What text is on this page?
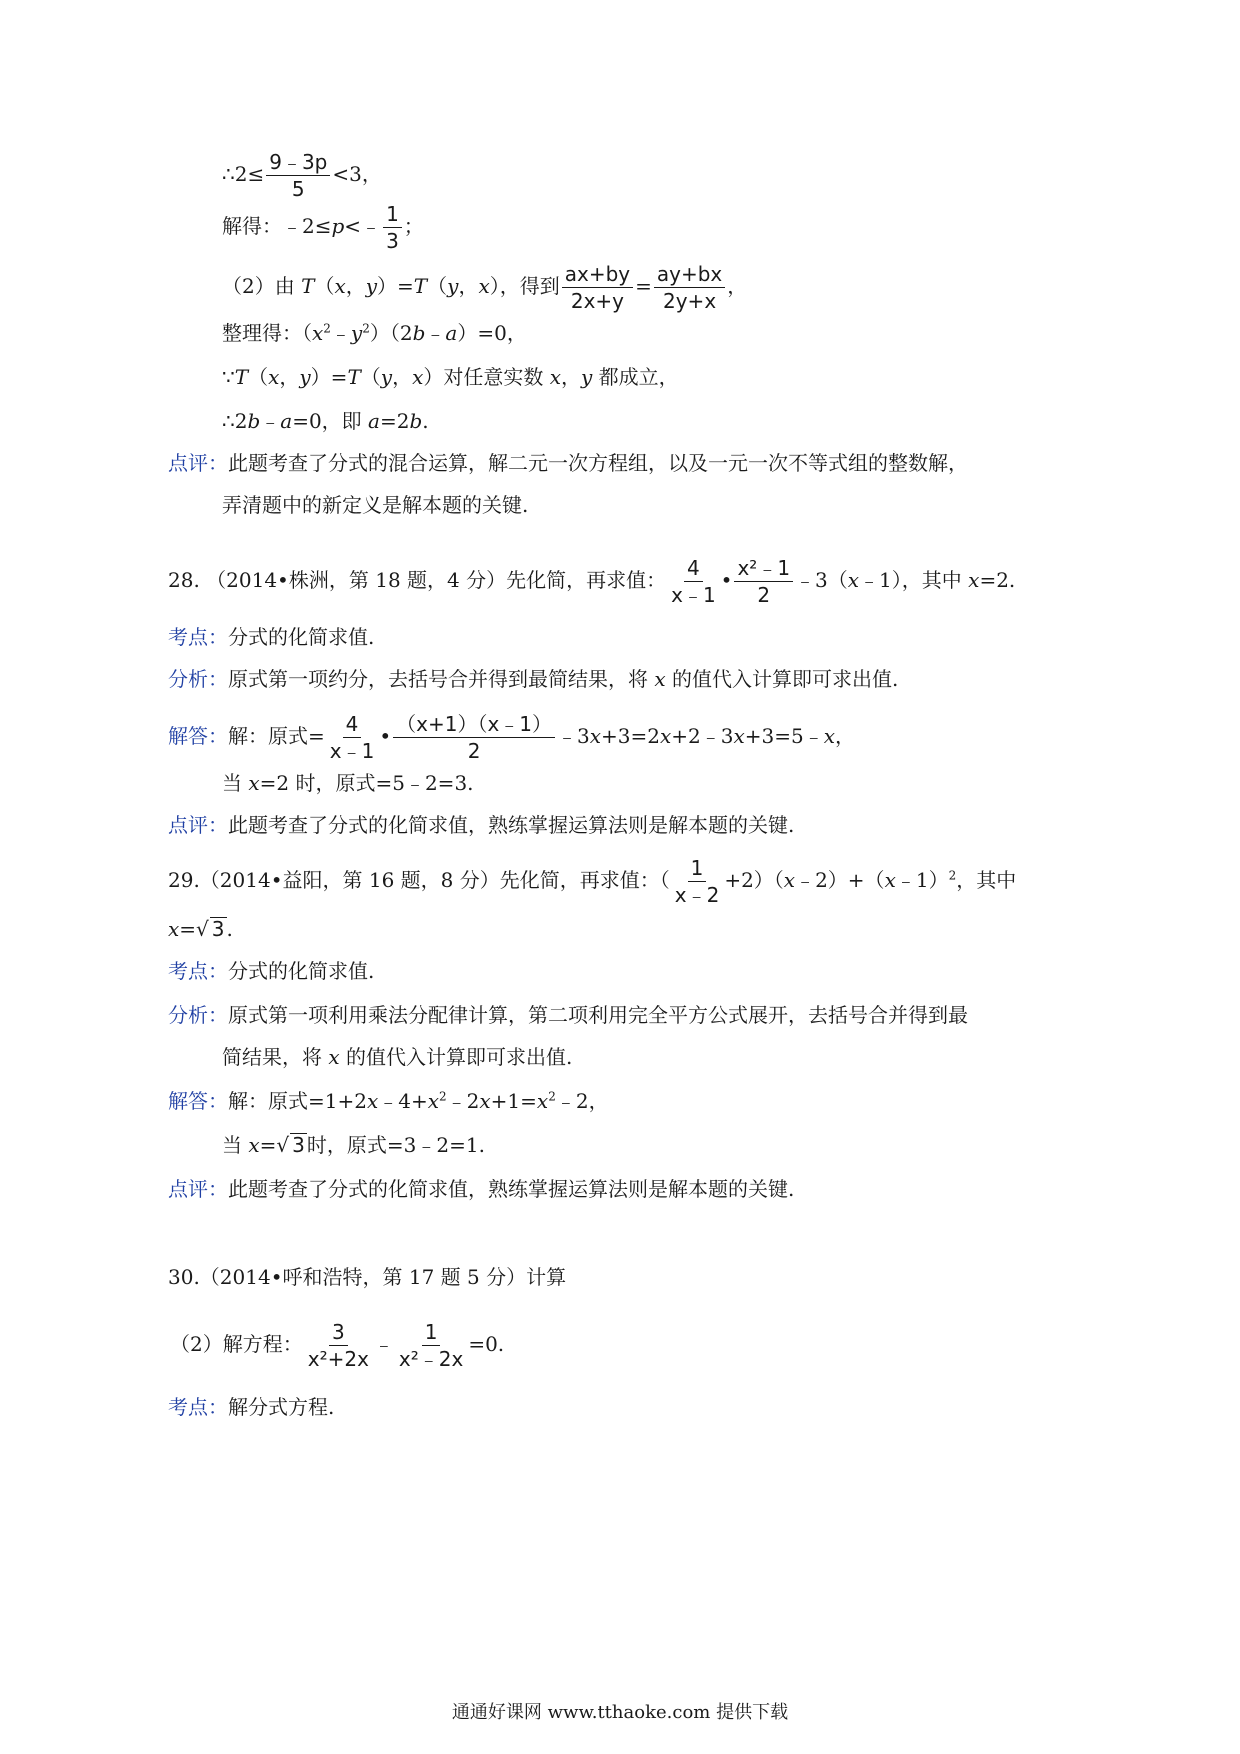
∴2≤ $\frac{9﹣3p}{5} <3$，
解得：﹣2≤p<﹣ $\frac{1}{3}$ ；
（2）由 T（x，y）=T（y，x），得到 $\frac{ax+by}{2x+y} = \frac{ay+bx}{2y+x}$ ，
整理得：$(x^2﹣y^2)(2b﹣a)=0$，
∵T（x，y）=T（y，x）对任意实数 x，y 都成立，
∴2b﹣a=0，即 a=2b.
点评：此题考查了分式的混合运算，解二元一次方程组，以及一元一次不等式组的整数解，
弄清题中的新定义是解本题的关键.
28. （2014•株洲，第 18 题，4 分）先化简，再求值： $\frac{4}{x﹣1}$ • $\frac{\text{x²﹣1}}{2}$ ﹣3（x﹣1），其中 x=2.
考点：分式的化简求值.
分析：原式第一项约分，去括号合并得到最简结果，将 x 的值代入计算即可求出值.
解答：解：原式= $\frac{4}{x﹣1}$ • $\frac{(x+1)(x﹣1)}{2}$ ﹣3x+3=2x+2﹣3x+3=5﹣x，
当 x=2 时，原式=5﹣2=3.
点评：此题考查了分式的化简求值，熟练掌握运算法则是解本题的关键.
29.（2014•益阳，第 16 题，8 分）先化简，再求值：（ $\frac{1}{x﹣2}$ +2）（x﹣2）+（x﹣1）$^2$，其中
x=√ 3 .
考点：分式的化简求值.
分析：原式第一项利用乘法分配律计算，第二项利用完全平方公式展开，去括号合并得到最
简结果，将 x 的值代入计算即可求出值.
解答：解：原式$=1+2x﹣4+x^2﹣2x+1=x^2﹣2$，
当 x=√ 3 时，原式=3﹣2=1.
点评：此题考查了分式的化简求值，熟练掌握运算法则是解本题的关键.
30.（2014•呼和浩特，第 17 题 5 分）计算
（2）解方程： $\frac{3}{\text{x²+2x}}$ ﹣ $\frac{1}{\text{x²﹣2x}} =0$.
考点：解分式方程.
通通好课网 www.tthaoke.com 提供下载
